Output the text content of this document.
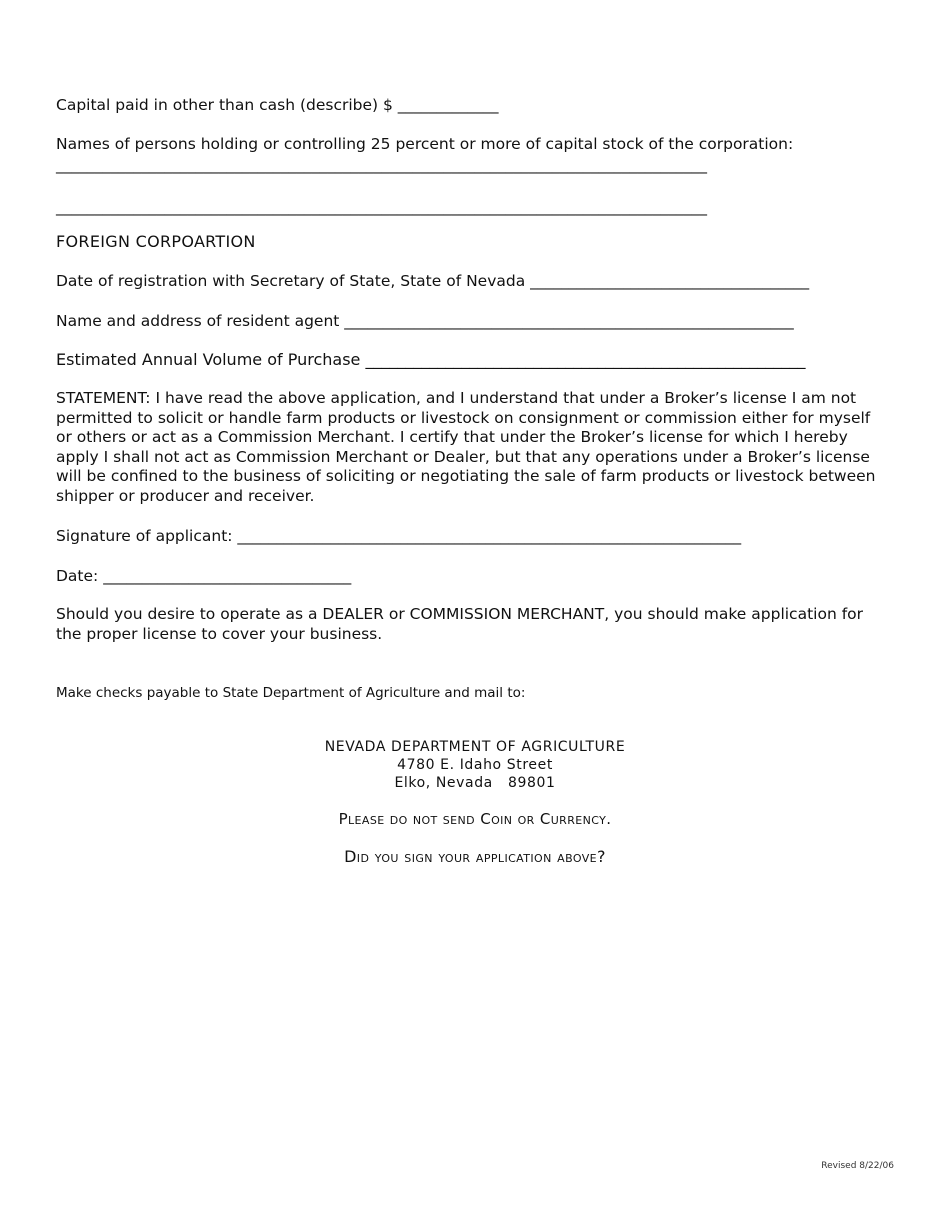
Capital paid in other than cash (describe) $ _____________
Names of persons holding or controlling 25 percent or more of capital stock of the corporation:
____________________________________________________________________________________
____________________________________________________________________________________
FOREIGN CORPOARTION
Date of registration with Secretary of State, State of Nevada ____________________________________
Name and address of resident agent __________________________________________________________
Estimated Annual Volume of Purchase _______________________________________________________
STATEMENT: I have read the above application, and I understand that under a Broker’s license I am not permitted to solicit or handle farm products or livestock on consignment or commission either for myself or others or act as a Commission Merchant. I certify that under the Broker’s license for which I hereby apply I shall not act as Commission Merchant or Dealer, but that any operations under a Broker’s license will be confined to the business of soliciting or negotiating the sale of farm products or livestock between shipper or producer and receiver.
Signature of applicant: _________________________________________________________________
Date: ________________________________
Should you desire to operate as a DEALER or COMMISSION MERCHANT, you should make application for the proper license to cover your business.
Make checks payable to State Department of Agriculture and mail to:
NEVADA DEPARTMENT OF AGRICULTURE
4780 E. Idaho Street
Elko, Nevada   89801
Please do not send Coin or Currency.
Did you sign your application above?
Revised 8/22/06
